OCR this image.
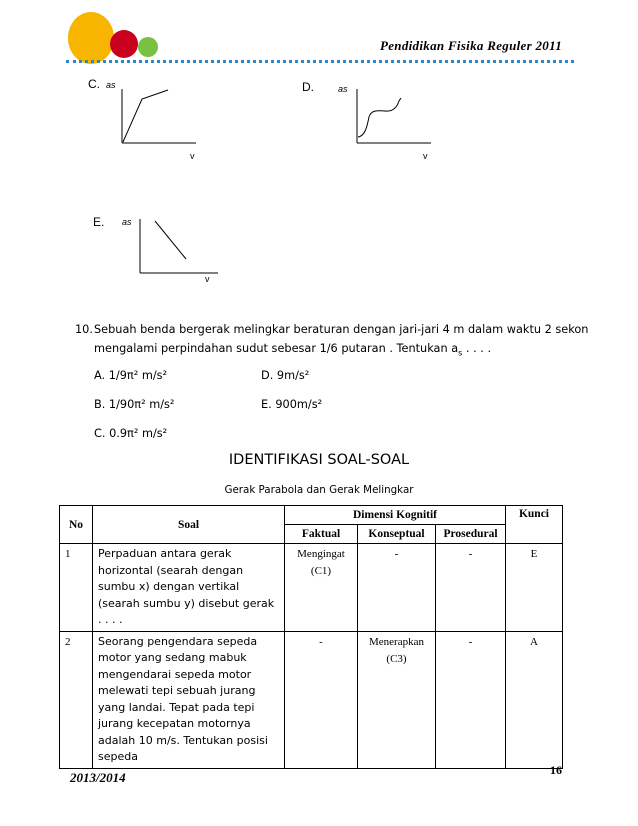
Pendidikan Fisika Reguler 2011
C. as
v
D.	as
v
E. as
v
10. Sebuah benda bergerak melingkar beraturan dengan jari-jari 4 m dalam waktu 2 sekon
mengalami perpindahan sudut sebesar 1/6 putaran . Tentukan $a_s$ . . . .
A. 1/9π² m/s²	D. 9m/s²
B. 1/90π² m/s²	E. 900m/s²
C. 0.9π² m/s²
IDENTIFIKASI SOAL-SOAL
Gerak Parabola dan Gerak Melingkar
No	Soal	Dimensi Kognitif			Kunci
		Faktual	Konseptual	Prosedural	
1	Perpaduan antara gerak horizontal (searah dengan sumbu x) dengan vertikal (searah sumbu y) disebut gerak . . . .	Mengingat (C1)	-	-	E
2	Seorang pengendara sepeda motor yang sedang mabuk mengendarai sepeda motor melewati tepi sebuah jurang yang landai. Tepat pada tepi jurang kecepatan motornya adalah 10 m/s. Tentukan posisi sepeda	-	Menerapkan (C3)	-	A
16
2013/2014
